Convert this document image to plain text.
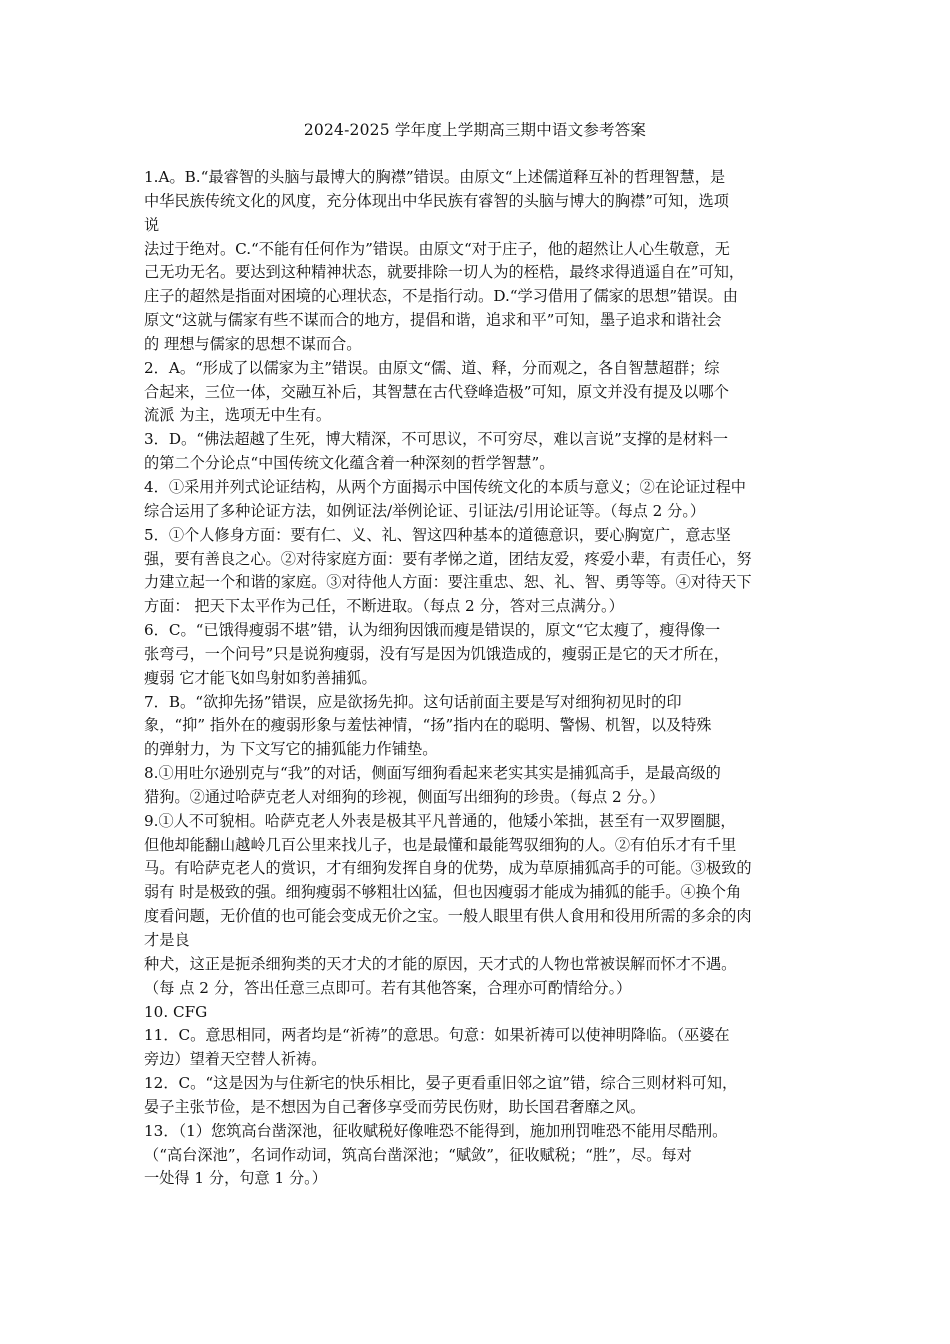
2024-2025 学年度上学期高三期中语文参考答案
1.A。B.“最睿智的头脑与最博大的胸襟”错误。由原文“上述儒道释互补的哲理智慧，是
中华民族传统文化的风度，充分体现出中华民族有睿智的头脑与博大的胸襟”可知，选项
说
法过于绝对。C.“不能有任何作为”错误。由原文“对于庄子，他的超然让人心生敬意，无
己无功无名。要达到这种精神状态，就要排除一切人为的桎梏，最终求得逍遥自在”可知，
庄子的超然是指面对困境的心理状态，不是指行动。D.“学习借用了儒家的思想”错误。由
原文“这就与儒家有些不谋而合的地方，提倡和谐，追求和平”可知，墨子追求和谐社会
的 理想与儒家的思想不谋而合。
2．A。“形成了以儒家为主”错误。由原文“儒、道、释，分而观之，各自智慧超群；综
合起来，三位一体，交融互补后，其智慧在古代登峰造极”可知，原文并没有提及以哪个
流派 为主，选项无中生有。
3．D。“佛法超越了生死，博大精深，不可思议，不可穷尽，难以言说”支撑的是材料一
的第二个分论点“中国传统文化蕴含着一种深刻的哲学智慧”。
4．①采用并列式论证结构，从两个方面揭示中国传统文化的本质与意义；②在论证过程中
综合运用了多种论证方法，如例证法/举例论证、引证法/引用论证等。（每点 2 分。）
5．①个人修身方面：要有仁、义、礼、智这四种基本的道德意识，要心胸宽广，意志坚
强，要有善良之心。②对待家庭方面：要有孝悌之道，团结友爱，疼爱小辈，有责任心，努
力建立起一个和谐的家庭。③对待他人方面：要注重忠、恕、礼、智、勇等等。④对待天下
方面： 把天下太平作为己任，不断进取。（每点 2 分，答对三点满分。）
6．C。“已饿得瘦弱不堪”错，认为细狗因饿而瘦是错误的，原文“它太瘦了，瘦得像一
张弯弓，一个问号”只是说狗瘦弱，没有写是因为饥饿造成的，瘦弱正是它的天才所在，
瘦弱 它才能飞如鸟射如豹善捕狐。
7．B。“欲抑先扬”错误，应是欲扬先抑。这句话前面主要是写对细狗初见时的印
象，“抑” 指外在的瘦弱形象与羞怯神情，“扬”指内在的聪明、警惕、机智，以及特殊
的弹射力，为 下文写它的捕狐能力作铺垫。
8.①用吐尔逊别克与“我”的对话，侧面写细狗看起来老实其实是捕狐高手，是最高级的
猎狗。②通过哈萨克老人对细狗的珍视，侧面写出细狗的珍贵。（每点 2 分。）
9.①人不可貌相。哈萨克老人外表是极其平凡普通的，他矮小笨拙，甚至有一双罗圈腿，
但他却能翻山越岭几百公里来找儿子，也是最懂和最能驾驭细狗的人。②有伯乐才有千里
马。有哈萨克老人的赏识，才有细狗发挥自身的优势，成为草原捕狐高手的可能。③极致的
弱有 时是极致的强。细狗瘦弱不够粗壮凶猛，但也因瘦弱才能成为捕狐的能手。④换个角
度看问题，无价值的也可能会变成无价之宝。一般人眼里有供人食用和役用所需的多余的肉
才是良
种犬，这正是扼杀细狗类的天才犬的才能的原因，天才式的人物也常被误解而怀才不遇。
（每 点 2 分，答出任意三点即可。若有其他答案，合理亦可酌情给分。）
10. CFG
11．C。意思相同，两者均是“祈祷”的意思。句意：如果祈祷可以使神明降临。（巫婆在
旁边）望着天空替人祈祷。
12．C。“这是因为与住新宅的快乐相比，晏子更看重旧邻之谊”错，综合三则材料可知，
晏子主张节俭，是不想因为自己奢侈享受而劳民伤财，助长国君奢靡之风。
13．（1）您筑高台凿深池，征收赋税好像唯恐不能得到，施加刑罚唯恐不能用尽酷刑。
（“高台深池”，名词作动词，筑高台凿深池；“赋敛”，征收赋税；“胜”，尽。每对
一处得 1 分，句意 1 分。）
